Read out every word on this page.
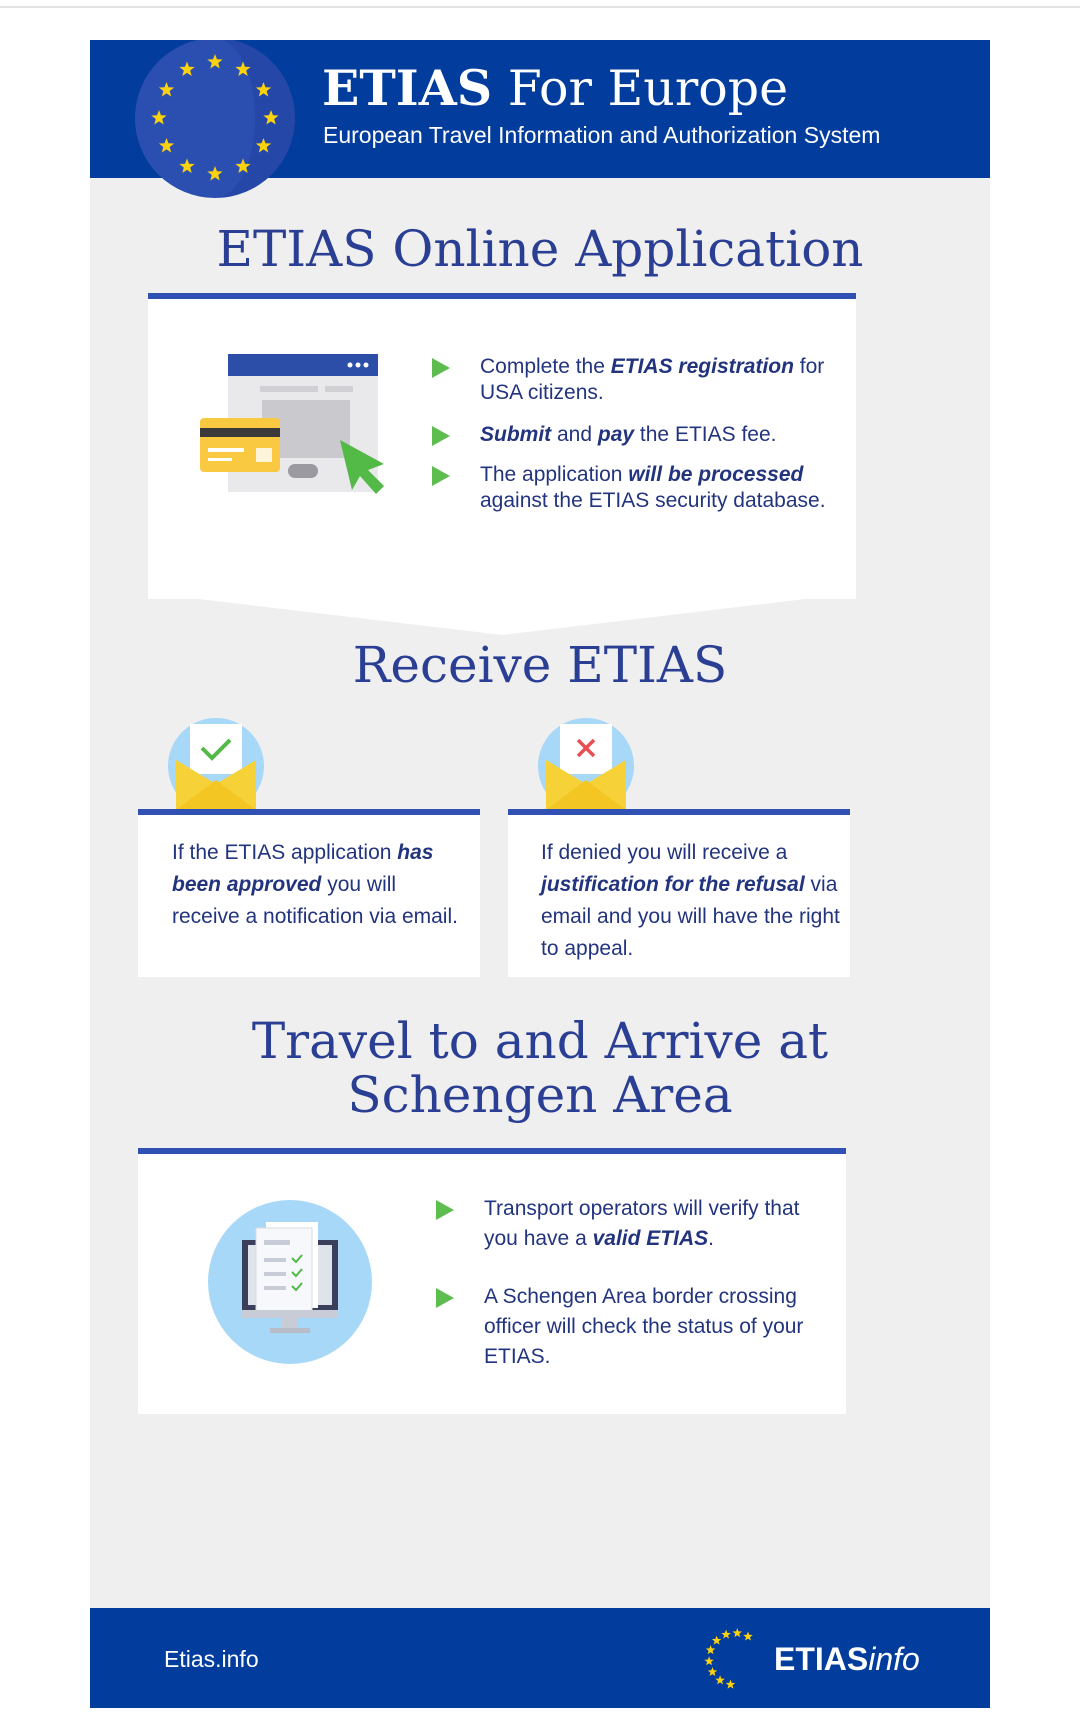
ETIAS For Europe
European Travel Information and Authorization System
ETIAS Online Application
Complete the ETIAS registration for USA citizens.
Submit and pay the ETIAS fee.
The application will be processed against the ETIAS security database.
Receive ETIAS
If the ETIAS application has been approved you will receive a notification via email.
If denied you will receive a justification for the refusal via email and you will have the right to appeal.
Travel to and Arrive at
Schengen Area
Transport operators will verify that you have a valid ETIAS.
A Schengen Area border crossing officer will check the status of your ETIAS.
Etias.info	ETIASinfo
